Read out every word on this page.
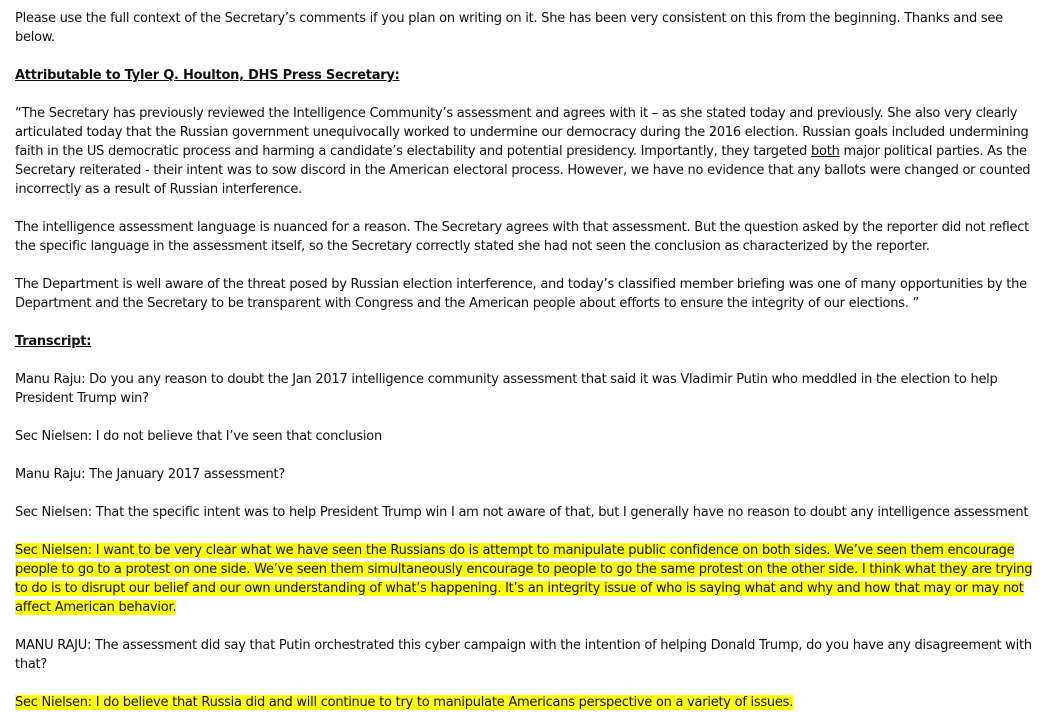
Please use the full context of the Secretary’s comments if you plan on writing on it. She has been very consistent on this from the beginning. Thanks and see below.

Attributable to Tyler Q. Houlton, DHS Press Secretary:

“The Secretary has previously reviewed the Intelligence Community’s assessment and agrees with it – as she stated today and previously. She also very clearly articulated today that the Russian government unequivocally worked to undermine our democracy during the 2016 election. Russian goals included undermining faith in the US democratic process and harming a candidate’s electability and potential presidency. Importantly, they targeted both major political parties. As the Secretary reiterated - their intent was to sow discord in the American electoral process. However, we have no evidence that any ballots were changed or counted incorrectly as a result of Russian interference.

The intelligence assessment language is nuanced for a reason. The Secretary agrees with that assessment. But the question asked by the reporter did not reflect the specific language in the assessment itself, so the Secretary correctly stated she had not seen the conclusion as characterized by the reporter.

The Department is well aware of the threat posed by Russian election interference, and today’s classified member briefing was one of many opportunities by the Department and the Secretary to be transparent with Congress and the American people about efforts to ensure the integrity of our elections. ”

Transcript:

Manu Raju: Do you any reason to doubt the Jan 2017 intelligence community assessment that said it was Vladimir Putin who meddled in the election to help President Trump win?

Sec Nielsen: I do not believe that I’ve seen that conclusion

Manu Raju: The January 2017 assessment?

Sec Nielsen: That the specific intent was to help President Trump win I am not aware of that, but I generally have no reason to doubt any intelligence assessment

Sec Nielsen: I want to be very clear what we have seen the Russians do is attempt to manipulate public confidence on both sides. We’ve seen them encourage people to go to a protest on one side. We’ve seen them simultaneously encourage to people to go the same protest on the other side. I think what they are trying to do is to disrupt our belief and our own understanding of what’s happening. It’s an integrity issue of who is saying what and why and how that may or may not affect American behavior.

MANU RAJU: The assessment did say that Putin orchestrated this cyber campaign with the intention of helping Donald Trump, do you have any disagreement with that?

Sec Nielsen: I do believe that Russia did and will continue to try to manipulate Americans perspective on a variety of issues.
